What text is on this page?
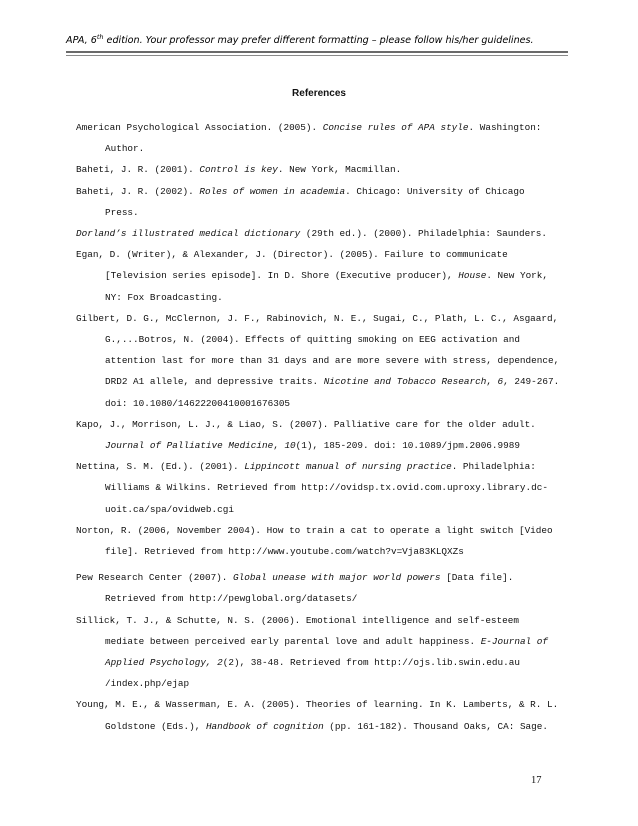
APA, 6th edition. Your professor may prefer different formatting – please follow his/her guidelines.
References

American Psychological Association. (2005). Concise rules of APA style. Washington:
Author.

Baheti, J. R. (2001). Control is key. New York, Macmillan.

Baheti, J. R. (2002). Roles of women in academia. Chicago: University of Chicago
Press.

Dorland’s illustrated medical dictionary (29th ed.). (2000). Philadelphia: Saunders.

Egan, D. (Writer), & Alexander, J. (Director). (2005). Failure to communicate
[Television series episode]. In D. Shore (Executive producer), House. New York,
NY: Fox Broadcasting.

Gilbert, D. G., McClernon, J. F., Rabinovich, N. E., Sugai, C., Plath, L. C., Asgaard,
G.,...Botros, N. (2004). Effects of quitting smoking on EEG activation and
attention last for more than 31 days and are more severe with stress, dependence,
DRD2 A1 allele, and depressive traits. Nicotine and Tobacco Research, 6, 249-267.
doi: 10.1080/14622200410001676305

Kapo, J., Morrison, L. J., & Liao, S. (2007). Palliative care for the older adult.
Journal of Palliative Medicine, 10(1), 185-209. doi: 10.1089/jpm.2006.9989

Nettina, S. M. (Ed.). (2001). Lippincott manual of nursing practice. Philadelphia:
Williams & Wilkins. Retrieved from http://ovidsp.tx.ovid.com.uproxy.library.dc-
uoit.ca/spa/ovidweb.cgi

Norton, R. (2006, November 2004). How to train a cat to operate a light switch [Video
file]. Retrieved from http://www.youtube.com/watch?v=Vja83KLQXZs

Pew Research Center (2007). Global unease with major world powers [Data file].
Retrieved from http://pewglobal.org/datasets/

Sillick, T. J., & Schutte, N. S. (2006). Emotional intelligence and self-esteem
mediate between perceived early parental love and adult happiness. E-Journal of
Applied Psychology, 2(2), 38-48. Retrieved from http://ojs.lib.swin.edu.au
/index.php/ejap

Young, M. E., & Wasserman, E. A. (2005). Theories of learning. In K. Lamberts, & R. L.
Goldstone (Eds.), Handbook of cognition (pp. 161-182). Thousand Oaks, CA: Sage.

17
